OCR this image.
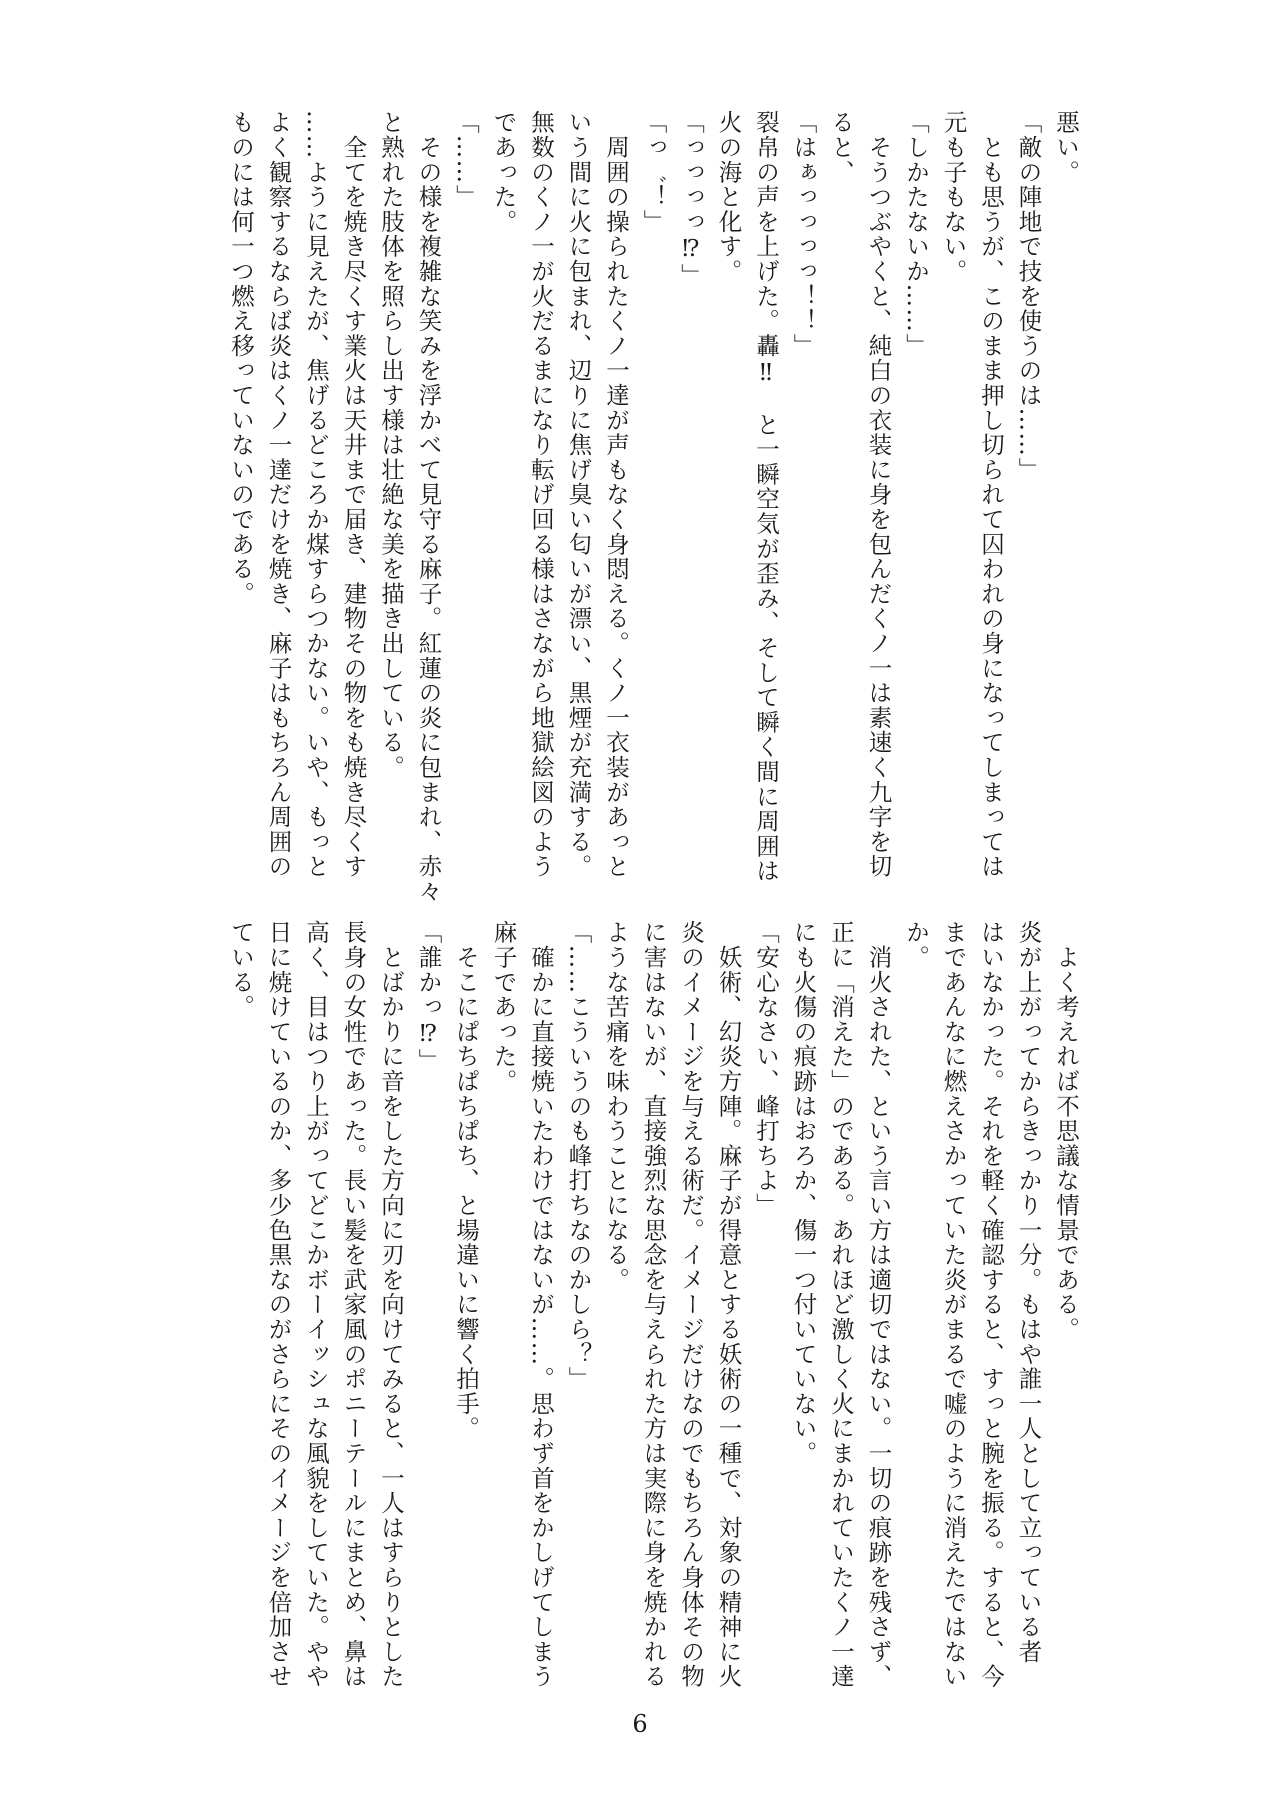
悪い。
「敵の陣地で技を使うのは……」
　とも思うが、このまま押し切られて囚われの身になってしまっては
元も子もない。
「しかたないか……」
　そうつぶやくと、純白の衣装に身を包んだくノ一は素速く九字を切
ると、
「はぁっっっっ！！」
裂帛の声を上げた。轟‼　と一瞬空気が歪み、そして瞬く間に周囲は
火の海と化す。
「っっっっ⁉」
「っ゛！」
　周囲の操られたくノ一達が声もなく身悶える。くノ一衣装があっと
いう間に火に包まれ、辺りに焦げ臭い匂いが漂い、黒煙が充満する。
無数のくノ一が火だるまになり転げ回る様はさながら地獄絵図のよう
であった。
「……」
　その様を複雑な笑みを浮かべて見守る麻子。紅蓮の炎に包まれ、赤々
と熟れた肢体を照らし出す様は壮絶な美を描き出している。
　全てを焼き尽くす業火は天井まで届き、建物その物をも焼き尽くす
……ように見えたが、焦げるどころか煤すらつかない。いや、もっと
よく観察するならば炎はくノ一達だけを焼き、麻子はもちろん周囲の
ものには何一つ燃え移っていないのである。
　よく考えれば不思議な情景である。
炎が上がってからきっかり一分。もはや誰一人として立っている者
はいなかった。それを軽く確認すると、すっと腕を振る。すると、今
まであんなに燃えさかっていた炎がまるで嘘のように消えたではない
か。
　消火された、という言い方は適切ではない。一切の痕跡を残さず、
正に「消えた」のである。あれほど激しく火にまかれていたくノ一達
にも火傷の痕跡はおろか、傷一つ付いていない。
「安心なさい、峰打ちよ」
　妖術、幻炎方陣。麻子が得意とする妖術の一種で、対象の精神に火
炎のイメージを与える術だ。イメージだけなのでもちろん身体その物
に害はないが、直接強烈な思念を与えられた方は実際に身を焼かれる
ような苦痛を味わうことになる。
「……こういうのも峰打ちなのかしら？」
　確かに直接焼いたわけではないが……。思わず首をかしげてしまう
麻子であった。
　そこにぱちぱちぱち、と場違いに響く拍手。
「誰かっ⁉」
　とばかりに音をした方向に刃を向けてみると、一人はすらりとした
長身の女性であった。長い髪を武家風のポニーテールにまとめ、鼻は
高く、目はつり上がってどこかボーイッシュな風貌をしていた。やや
日に焼けているのか、多少色黒なのがさらにそのイメージを倍加させ
ている。
6
